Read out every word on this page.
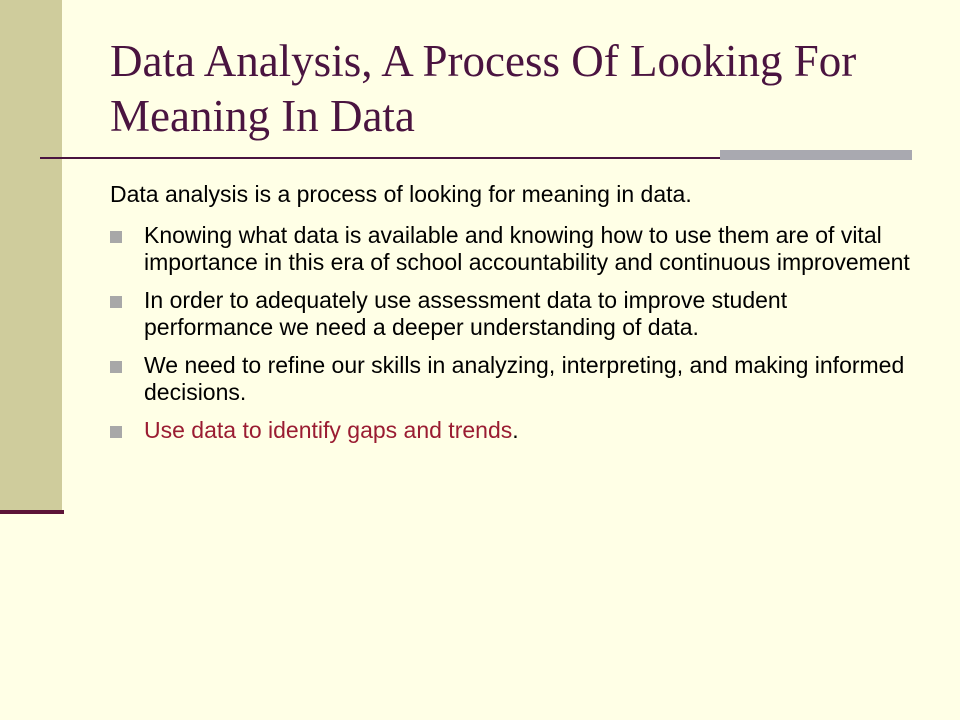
Data Analysis, A Process Of Looking For Meaning In Data

Data analysis is a process of looking for meaning in data.

Knowing what data is available and knowing how to use them are of vital importance in this era of school accountability and continuous improvement
In order to adequately use assessment data to improve student performance we need a deeper understanding of data.
We need to refine our skills in analyzing, interpreting, and making informed decisions.
Use data to identify gaps and trends.
